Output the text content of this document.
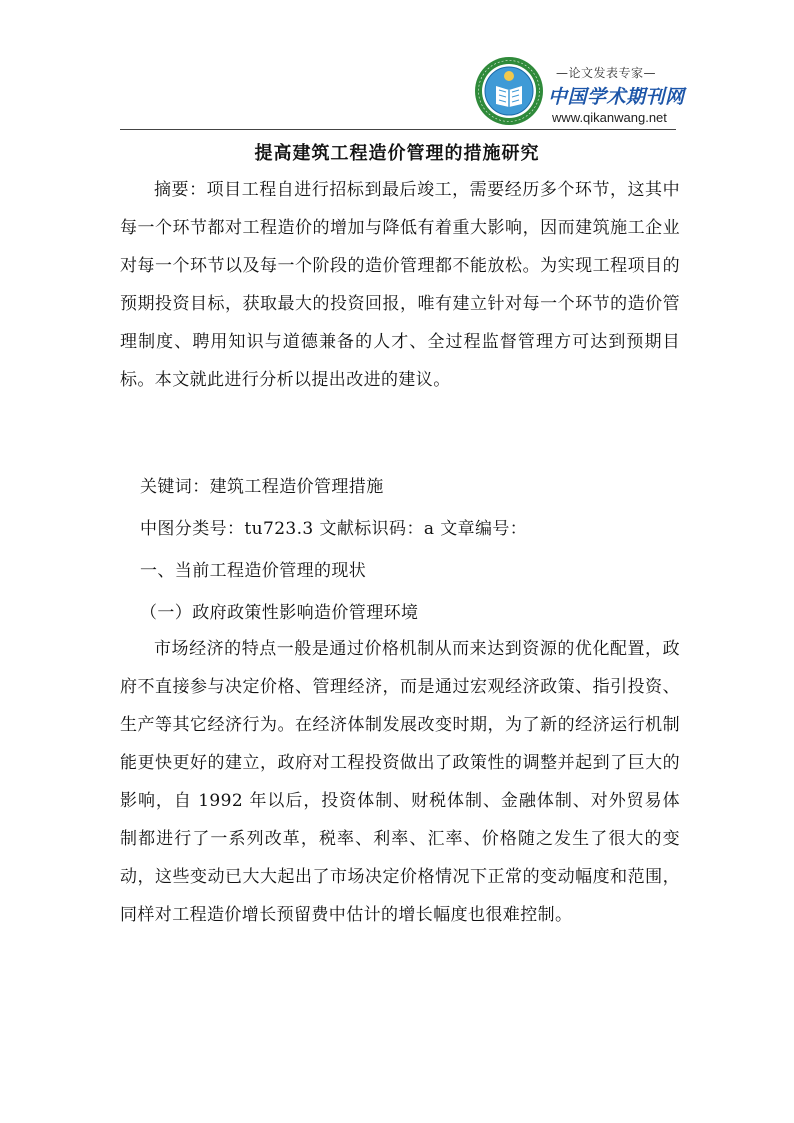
—论文发表专家—
中国学术期刊网
www.qikanwang.net
提高建筑工程造价管理的措施研究

摘要：项目工程自进行招标到最后竣工，需要经历多个环节，这其中每一个环节都对工程造价的增加与降低有着重大影响，因而建筑施工企业对每一个环节以及每一个阶段的造价管理都不能放松。为实现工程项目的预期投资目标，获取最大的投资回报，唯有建立针对每一个环节的造价管理制度、聘用知识与道德兼备的人才、全过程监督管理方可达到预期目标。本文就此进行分析以提出改进的建议。

关键词：建筑工程造价管理措施

中图分类号：tu723.3 文献标识码：a 文章编号：

一、当前工程造价管理的现状

（一）政府政策性影响造价管理环境

市场经济的特点一般是通过价格机制从而来达到资源的优化配置，政府不直接参与决定价格、管理经济，而是通过宏观经济政策、指引投资、生产等其它经济行为。在经济体制发展改变时期，为了新的经济运行机制能更快更好的建立，政府对工程投资做出了政策性的调整并起到了巨大的影响，自 1992 年以后，投资体制、财税体制、金融体制、对外贸易体制都进行了一系列改革，税率、利率、汇率、价格随之发生了很大的变动，这些变动已大大起出了市场决定价格情况下正常的变动幅度和范围，同样对工程造价增长预留费中估计的增长幅度也很难控制。
